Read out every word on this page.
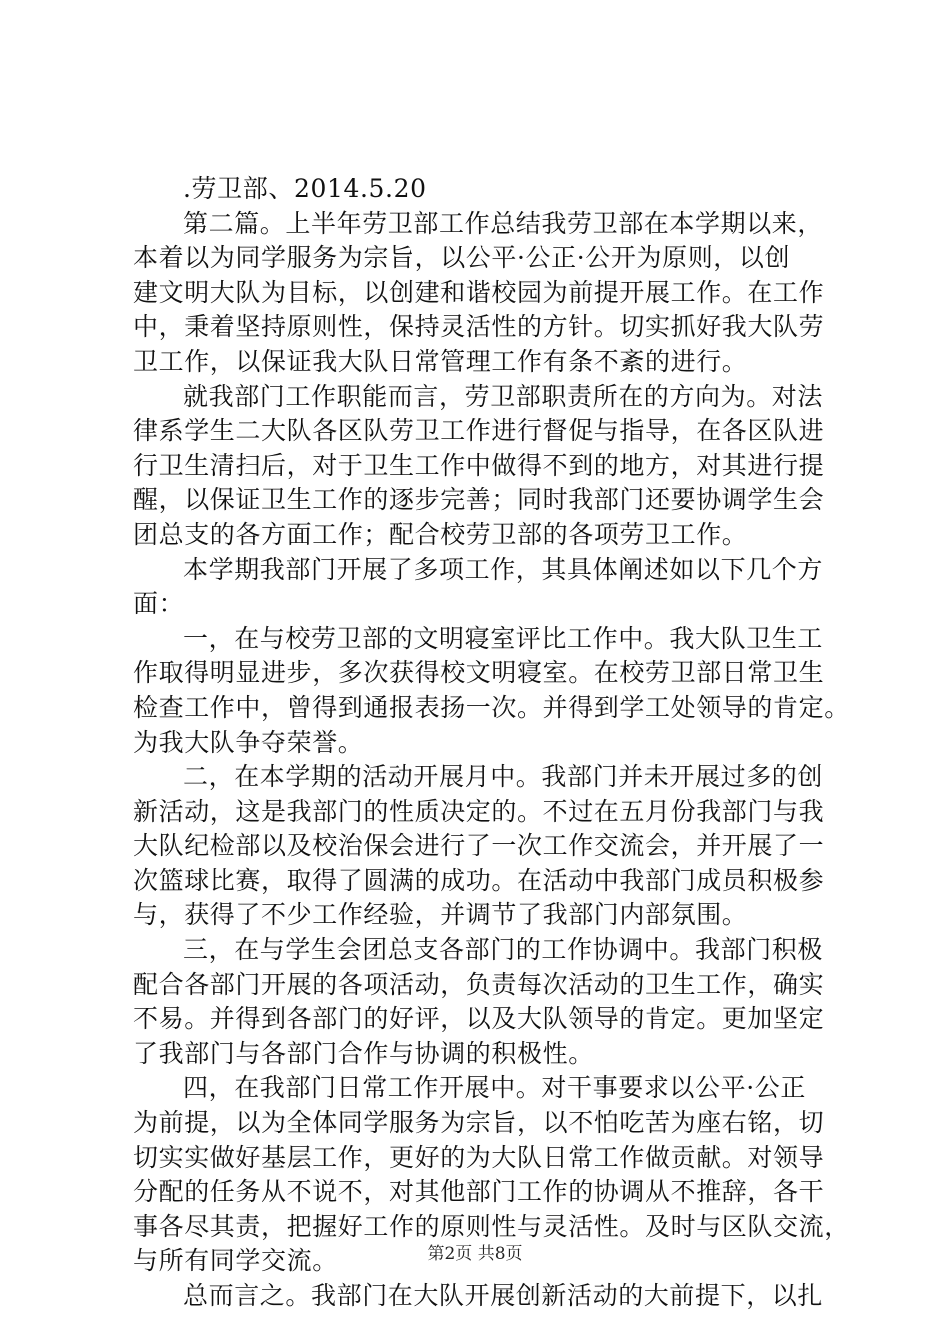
.劳卫部、2014.5.20
第二篇。上半年劳卫部工作总结我劳卫部在本学期以来，
本着以为同学服务为宗旨，以公平·公正·公开为原则，以创
建文明大队为目标，以创建和谐校园为前提开展工作。在工作
中，秉着坚持原则性，保持灵活性的方针。切实抓好我大队劳
卫工作，以保证我大队日常管理工作有条不紊的进行。
就我部门工作职能而言，劳卫部职责所在的方向为。对法
律系学生二大队各区队劳卫工作进行督促与指导，在各区队进
行卫生清扫后，对于卫生工作中做得不到的地方，对其进行提
醒，以保证卫生工作的逐步完善；同时我部门还要协调学生会
团总支的各方面工作；配合校劳卫部的各项劳卫工作。
本学期我部门开展了多项工作，其具体阐述如以下几个方
面：
一，在与校劳卫部的文明寝室评比工作中。我大队卫生工
作取得明显进步，多次获得校文明寝室。在校劳卫部日常卫生
检查工作中，曾得到通报表扬一次。并得到学工处领导的肯定。
为我大队争夺荣誉。
二，在本学期的活动开展月中。我部门并未开展过多的创
新活动，这是我部门的性质决定的。不过在五月份我部门与我
大队纪检部以及校治保会进行了一次工作交流会，并开展了一
次篮球比赛，取得了圆满的成功。在活动中我部门成员积极参
与，获得了不少工作经验，并调节了我部门内部氛围。
三，在与学生会团总支各部门的工作协调中。我部门积极
配合各部门开展的各项活动，负责每次活动的卫生工作，确实
不易。并得到各部门的好评，以及大队领导的肯定。更加坚定
了我部门与各部门合作与协调的积极性。
四，在我部门日常工作开展中。对干事要求以公平·公正
为前提，以为全体同学服务为宗旨，以不怕吃苦为座右铭，切
切实实做好基层工作，更好的为大队日常工作做贡献。对领导
分配的任务从不说不，对其他部门工作的协调从不推辞，各干
事各尽其责，把握好工作的原则性与灵活性。及时与区队交流，
与所有同学交流。
总而言之。我部门在大队开展创新活动的大前提下，以扎
第2页 共8页
